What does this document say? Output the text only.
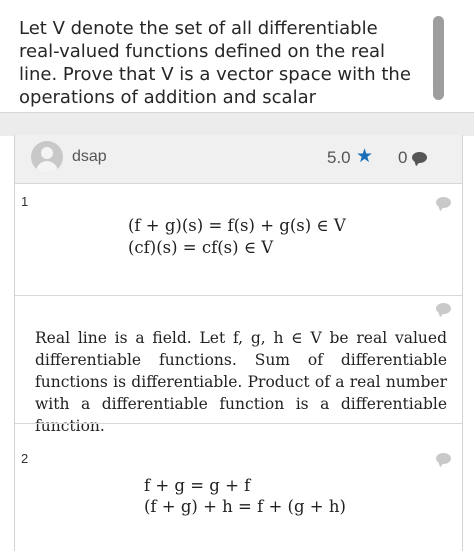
Let V denote the set of all differentiable real-valued functions defined on the real line. Prove that V is a vector space with the operations of addition and scalar

dsap	5.0 ★ 0
1
(f + g)(s) = f(s) + g(s) ∈ V
(cf)(s) = cf(s) ∈ V

Real line is a field. Let f, g, h ∈ V be real valued differentiable functions. Sum of differentiable functions is differentiable. Product of a real number with a differentiable function is a differentiable function.

2
f + g = g + f
(f + g) + h = f + (g + h)
